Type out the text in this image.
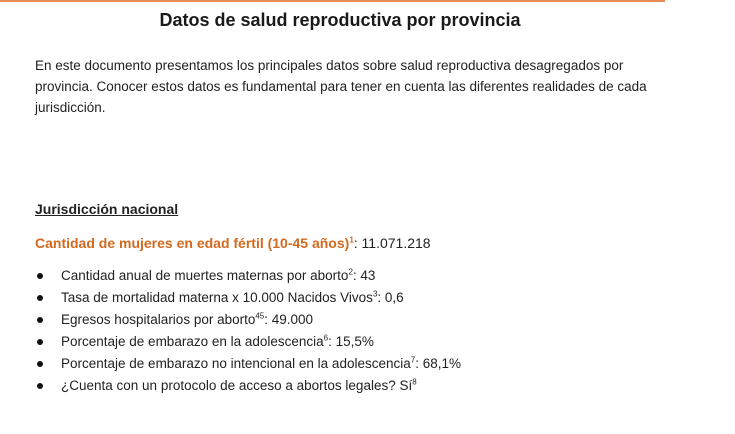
Datos de salud reproductiva por provincia

En este documento presentamos los principales datos sobre salud reproductiva desagregados por provincia. Conocer estos datos es fundamental para tener en cuenta las diferentes realidades de cada jurisdicción.

Jurisdicción nacional
Cantidad de mujeres en edad fértil (10-45 años)$^1$: 11.071.218
Cantidad anual de muertes maternas por aborto$^2$: 43
Tasa de mortalidad materna x 10.000 Nacidos Vivos$^3$: 0,6
Egresos hospitalarios por aborto$^{45}$: 49.000
Porcentaje de embarazo en la adolescencia$^6$: 15,5%
Porcentaje de embarazo no intencional en la adolescencia$^7$: 68,1%
¿Cuenta con un protocolo de acceso a abortos legales? $Sí^8$
